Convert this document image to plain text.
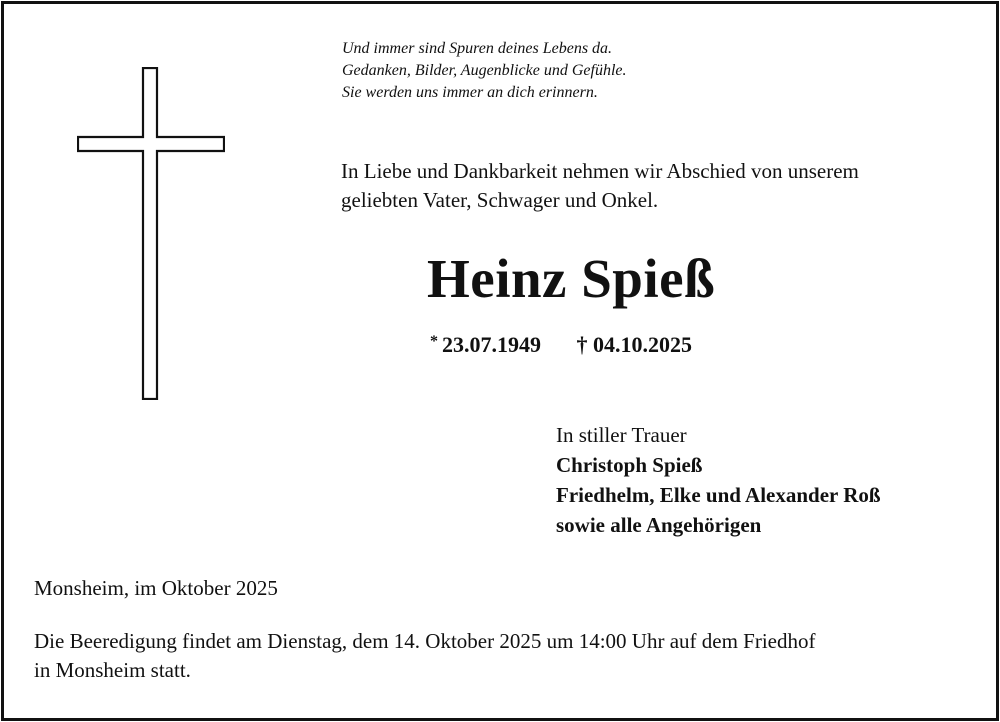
Und immer sind Spuren deines Lebens da.
Gedanken, Bilder, Augenblicke und Gefühle.
Sie werden uns immer an dich erinnern.
In Liebe und Dankbarkeit nehmen wir Abschied von unserem
geliebten Vater, Schwager und Onkel.
Heinz Spieß
* 23.07.1949 † 04.10.2025
In stiller Trauer
Christoph Spieß
Friedhelm, Elke und Alexander Roß
sowie alle Angehörigen
Monsheim, im Oktober 2025
Die Beeredigung findet am Dienstag, dem 14. Oktober 2025 um 14:00 Uhr auf dem Friedhof
in Monsheim statt.
